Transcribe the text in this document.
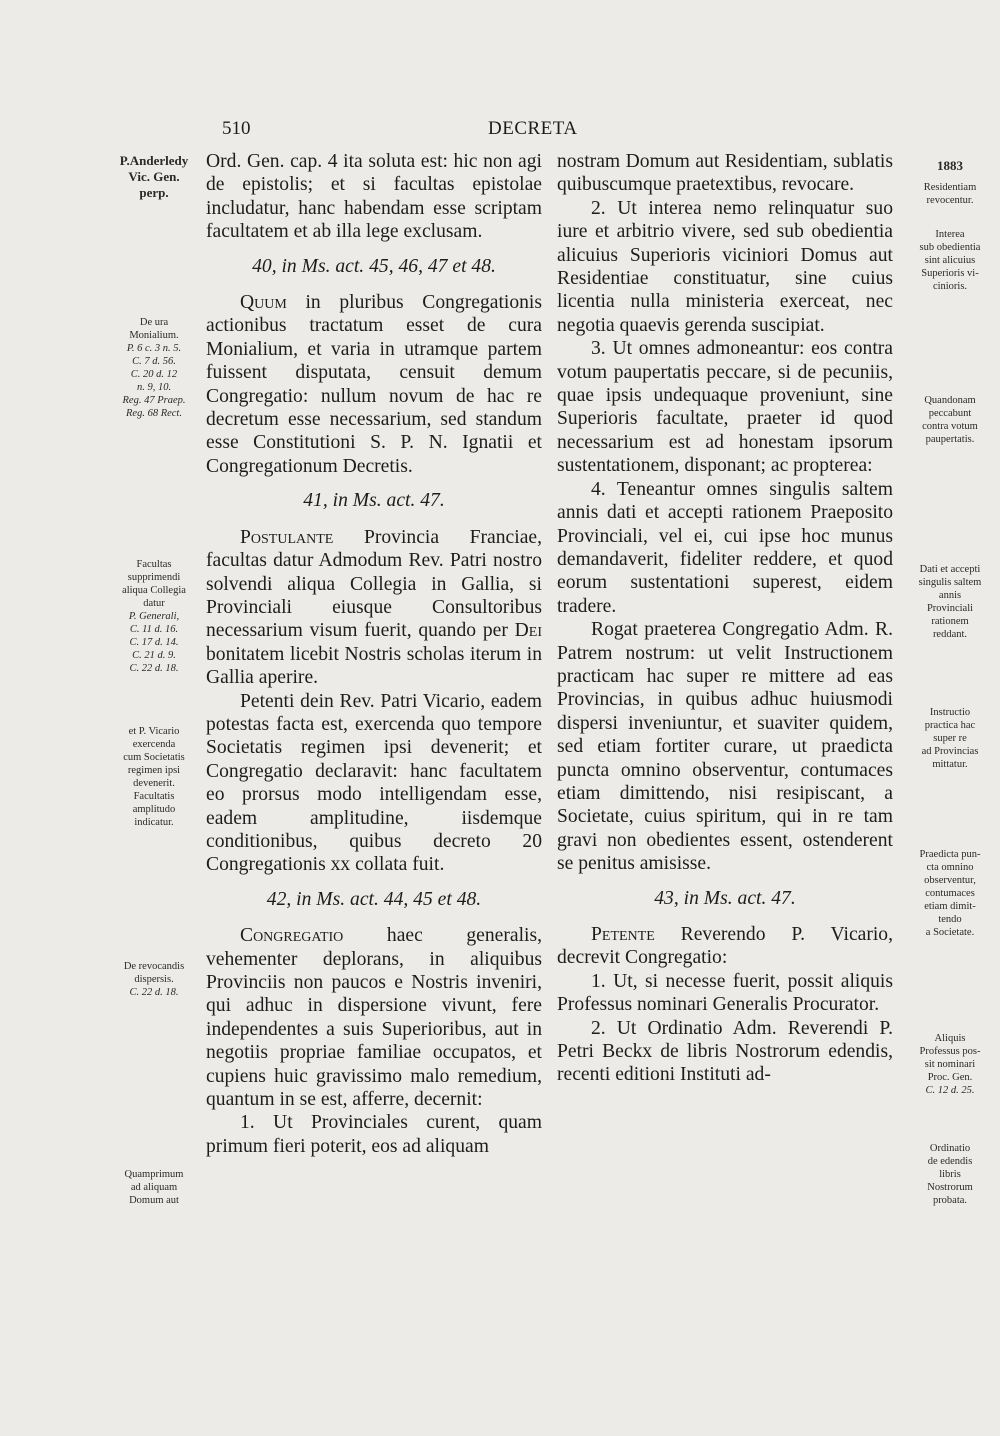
510	DECRETA
P.Anderledy
Vic. Gen.
perp.
De ura
Monialium.
P. 6 c. 3 n. 5.
C. 7 d. 56.
C. 20 d. 12
n. 9, 10.
Reg. 47 Praep.
Reg. 68 Rect.
Facultas
supprimendi
aliqua Collegia
datur
P. Generali,
C. 11 d. 16.
C. 17 d. 14.
C. 21 d. 9.
C. 22 d. 18.
et P. Vicario
exercenda
cum Societatis
regimen ipsi
devenerit.
Facultatis
amplitudo
indicatur.
De revocandis
dispersis.
C. 22 d. 18.
Quamprimum
ad aliquam
Domum aut
1883
Residentiam
revocentur.
Interea
sub obedientia
sint alicuius
Superioris vi-
cinioris.
Quandonam
peccabunt
contra votum
paupertatis.
Dati et accepti
singulis saltem
annis
Provinciali
rationem
reddant.
Instructio
practica hac
super re
ad Provincias
mittatur.
Praedicta pun-
cta omnino
observentur,
contumaces
etiam dimit-
tendo
a Societate.
Aliquis
Professus pos-
sit nominari
Proc. Gen.
C. 12 d. 25.
Ordinatio
de edendis
libris
Nostrorum
probata.

Ord. Gen. cap. 4 ita soluta est: hic non agi de epistolis; et si facultas epistolae includatur, hanc habendam esse scriptam facultatem et ab illa lege exclusam.

40, in Ms. act. 45, 46, 47 et 48.

Quum in pluribus Congregationis actionibus tractatum esset de cura Monialium, et varia in utramque partem fuissent disputata, censuit demum Congregatio: nullum novum de hac re decretum esse necessarium, sed standum esse Constitutioni S. P. N. Ignatii et Congregationum Decretis.

41, in Ms. act. 47.

Postulante Provincia Franciae, facultas datur Admodum Rev. Patri nostro solvendi aliqua Collegia in Gallia, si Provinciali eiusque Consultoribus necessarium visum fuerit, quando per Dei bonitatem licebit Nostris scholas iterum in Gallia aperire.

Petenti dein Rev. Patri Vicario, eadem potestas facta est, exercenda quo tempore Societatis regimen ipsi devenerit; et Congregatio declaravit: hanc facultatem eo prorsus modo intelligendam esse, eadem amplitudine, iisdemque conditionibus, quibus decreto 20 Congregationis xx collata fuit.

42, in Ms. act. 44, 45 et 48.

Congregatio haec generalis, vehementer deplorans, in aliquibus Provinciis non paucos e Nostris inveniri, qui adhuc in dispersione vivunt, fere independentes a suis Superioribus, aut in negotiis propriae familiae occupatos, et cupiens huic gravissimo malo remedium, quantum in se est, afferre, decernit:

1. Ut Provinciales curent, quam primum fieri poterit, eos ad aliquam

nostram Domum aut Residentiam, sublatis quibuscumque praetextibus, revocare.

2. Ut interea nemo relinquatur suo iure et arbitrio vivere, sed sub obedientia alicuius Superioris viciniori Domus aut Residentiae constituatur, sine cuius licentia nulla ministeria exerceat, nec negotia quaevis gerenda suscipiat.

3. Ut omnes admoneantur: eos contra votum paupertatis peccare, si de pecuniis, quae ipsis undequaque proveniunt, sine Superioris facultate, praeter id quod necessarium est ad honestam ipsorum sustentationem, disponant; ac propterea:

4. Teneantur omnes singulis saltem annis dati et accepti rationem Praeposito Provinciali, vel ei, cui ipse hoc munus demandaverit, fideliter reddere, et quod eorum sustentationi superest, eidem tradere.

Rogat praeterea Congregatio Adm. R. Patrem nostrum: ut velit Instructionem practicam hac super re mittere ad eas Provincias, in quibus adhuc huiusmodi dispersi inveniuntur, et suaviter quidem, sed etiam fortiter curare, ut praedicta puncta omnino observentur, contumaces etiam dimittendo, nisi resipiscant, a Societate, cuius spiritum, qui in re tam gravi non obedientes essent, ostenderent se penitus amisisse.

43, in Ms. act. 47.

Petente Reverendo P. Vicario, decrevit Congregatio:

1. Ut, si necesse fuerit, possit aliquis Professus nominari Generalis Procurator.

2. Ut Ordinatio Adm. Reverendi P. Petri Beckx de libris Nostrorum edendis, recenti editioni Instituti ad-
